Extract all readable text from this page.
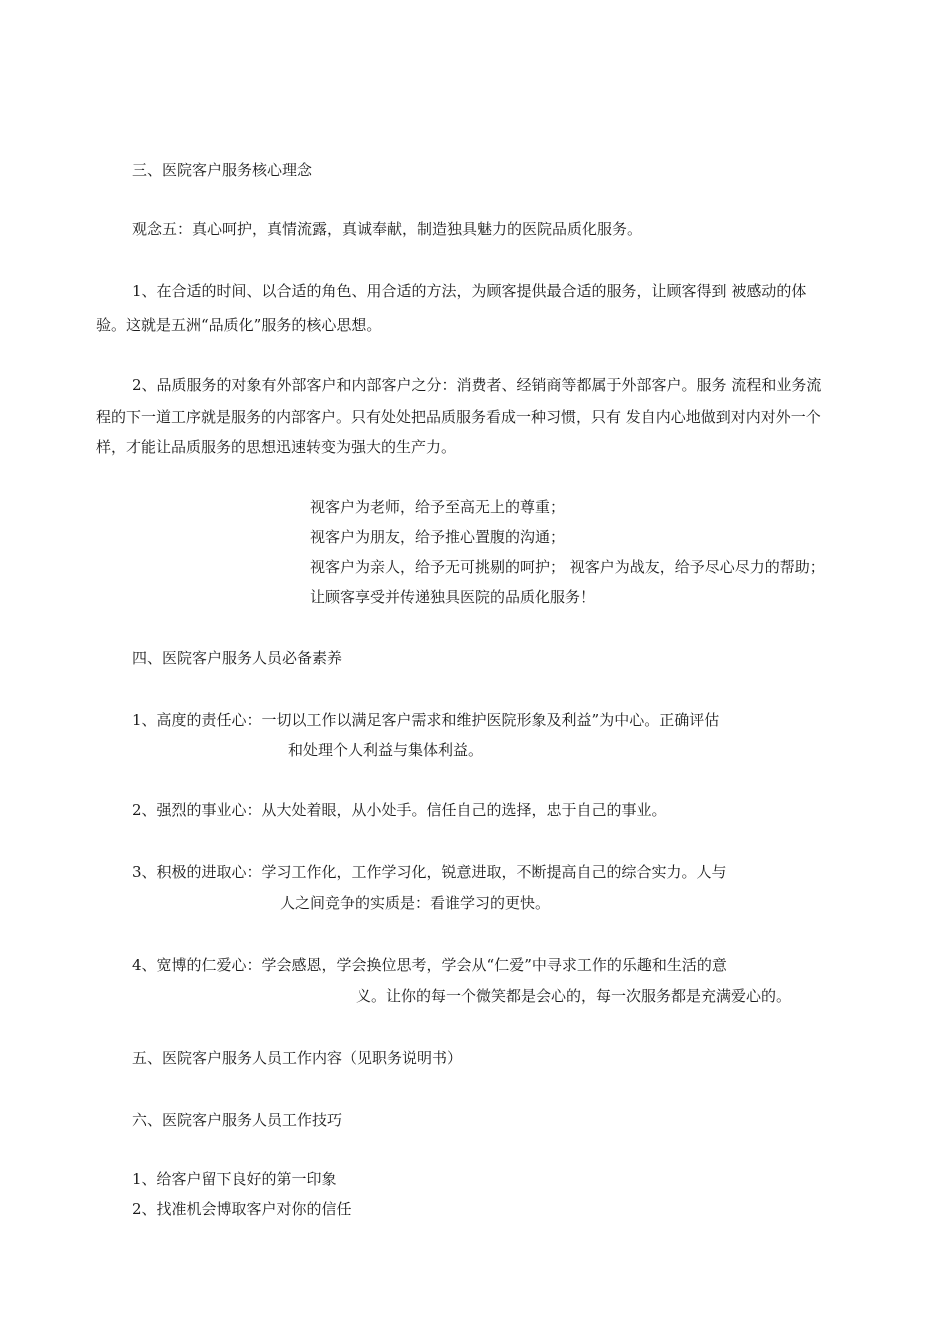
三、医院客户服务核心理念
观念五：真心呵护，真情流露，真诚奉献，制造独具魅力的医院品质化服务。
1、在合适的时间、以合适的角色、用合适的方法，为顾客提供最合适的服务，让顾客得到 被感动的体
验。这就是五洲“品质化”服务的核心思想。
2、品质服务的对象有外部客户和内部客户之分：消费者、经销商等都属于外部客户。服务 流程和业务流
程的下一道工序就是服务的内部客户。只有处处把品质服务看成一种习惯，只有 发自内心地做到对内对外一个
样，才能让品质服务的思想迅速转变为强大的生产力。
视客户为老师，给予至高无上的尊重；
视客户为朋友，给予推心置腹的沟通；
视客户为亲人，给予无可挑剔的呵护； 视客户为战友，给予尽心尽力的帮助；
让顾客享受并传递独具医院的品质化服务！
四、医院客户服务人员必备素养
1、高度的责任心：一切以工作以满足客户需求和维护医院形象及利益”为中心。正确评估
和处理个人利益与集体利益。
2、强烈的事业心：从大处着眼，从小处手。信任自己的选择，忠于自己的事业。
3、积极的进取心：学习工作化，工作学习化，锐意进取，不断提高自己的综合实力。人与
人之间竞争的实质是：看谁学习的更快。
4、宽博的仁爱心：学会感恩，学会换位思考，学会从“仁爱”中寻求工作的乐趣和生活的意
义。让你的每一个微笑都是会心的，每一次服务都是充满爱心的。
五、医院客户服务人员工作内容（见职务说明书）
六、医院客户服务人员工作技巧
1、给客户留下良好的第一印象
2、找准机会博取客户对你的信任
